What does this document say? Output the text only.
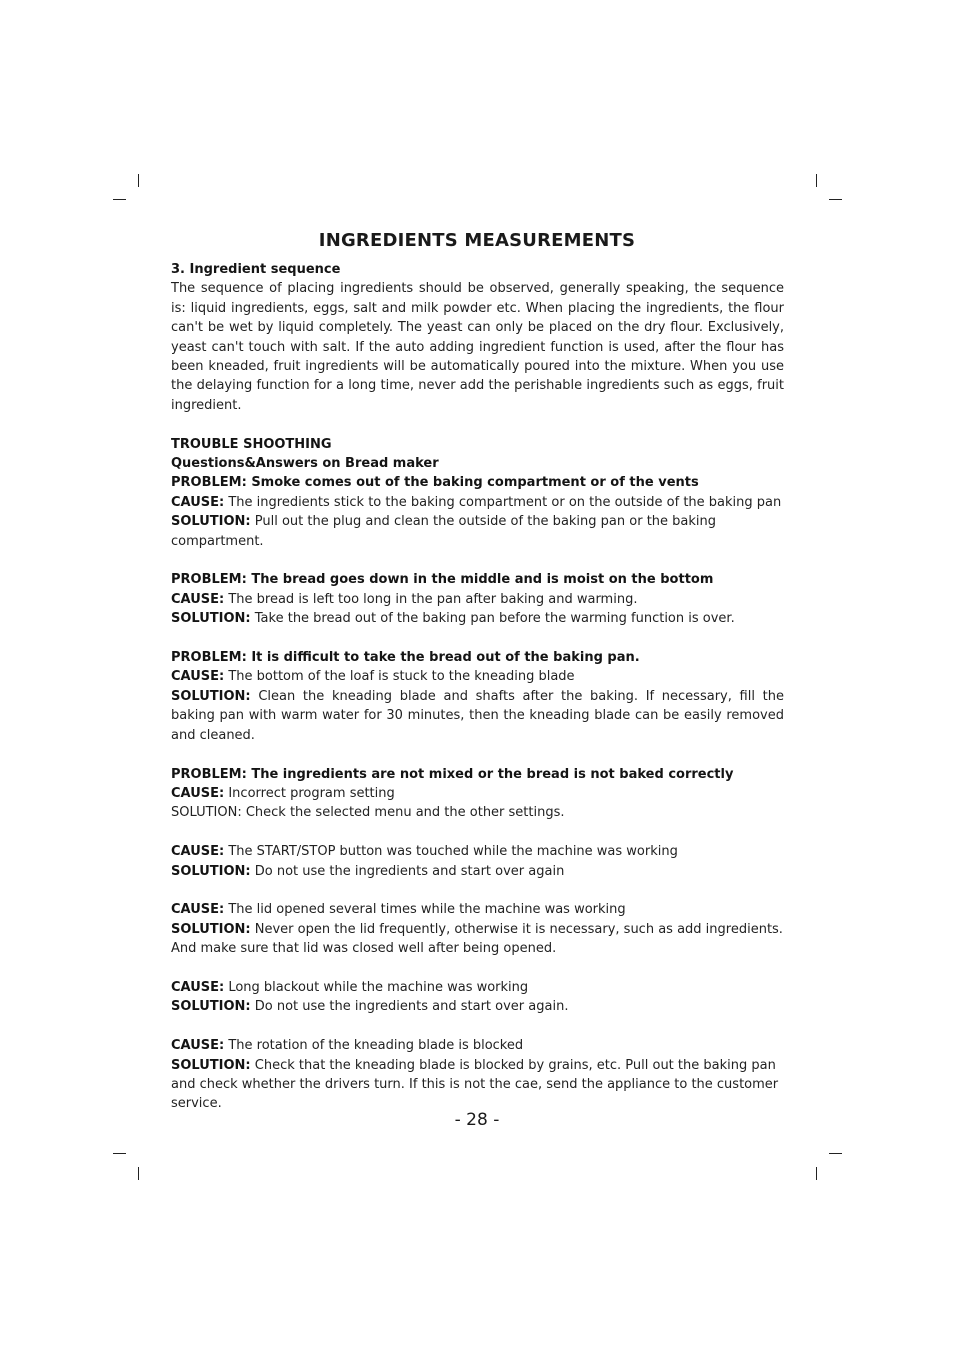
INGREDIENTS MEASUREMENTS

3. Ingredient sequence

The sequence of placing ingredients should be observed, generally speaking, the sequence is: liquid ingredients, eggs, salt and milk powder etc. When placing the ingredients, the flour can't be wet by liquid completely. The yeast can only be placed on the dry flour. Exclusively, yeast can't touch with salt. If the auto adding ingredient function is used, after the flour has been kneaded, fruit ingredients will be automatically poured into the mixture. When you use the delaying function for a long time, never add the perishable ingredients such as eggs, fruit ingredient.

TROUBLE SHOOTHING

Questions&Answers on Bread maker

PROBLEM: Smoke comes out of the baking compartment or of the vents

CAUSE: The ingredients stick to the baking compartment or on the outside of the baking pan

SOLUTION: Pull out the plug and clean the outside of the baking pan or the baking compartment.

PROBLEM: The bread goes down in the middle and is moist on the bottom

CAUSE: The bread is left too long in the pan after baking and warming.

SOLUTION: Take the bread out of the baking pan before the warming function is over.

PROBLEM: It is difficult to take the bread out of the baking pan.

CAUSE: The bottom of the loaf is stuck to the kneading blade

SOLUTION: Clean the kneading blade and shafts after the baking. If necessary, fill the baking pan with warm water for 30 minutes, then the kneading blade can be easily removed and cleaned.

PROBLEM: The ingredients are not mixed or the bread is not baked correctly

CAUSE: Incorrect program setting

SOLUTION: Check the selected menu and the other settings.

CAUSE: The START/STOP button was touched while the machine was working

SOLUTION: Do not use the ingredients and start over again

CAUSE: The lid opened several times while the machine was working

SOLUTION: Never open the lid frequently, otherwise it is necessary, such as add ingredients. And make sure that lid was closed well after being opened.

CAUSE: Long blackout while the machine was working

SOLUTION: Do not use the ingredients and start over again.

CAUSE: The rotation of the kneading blade is blocked

SOLUTION: Check that the kneading blade is blocked by grains, etc. Pull out the baking pan and check whether the drivers turn. If this is not the cae, send the appliance to the customer service.

- 28 -
